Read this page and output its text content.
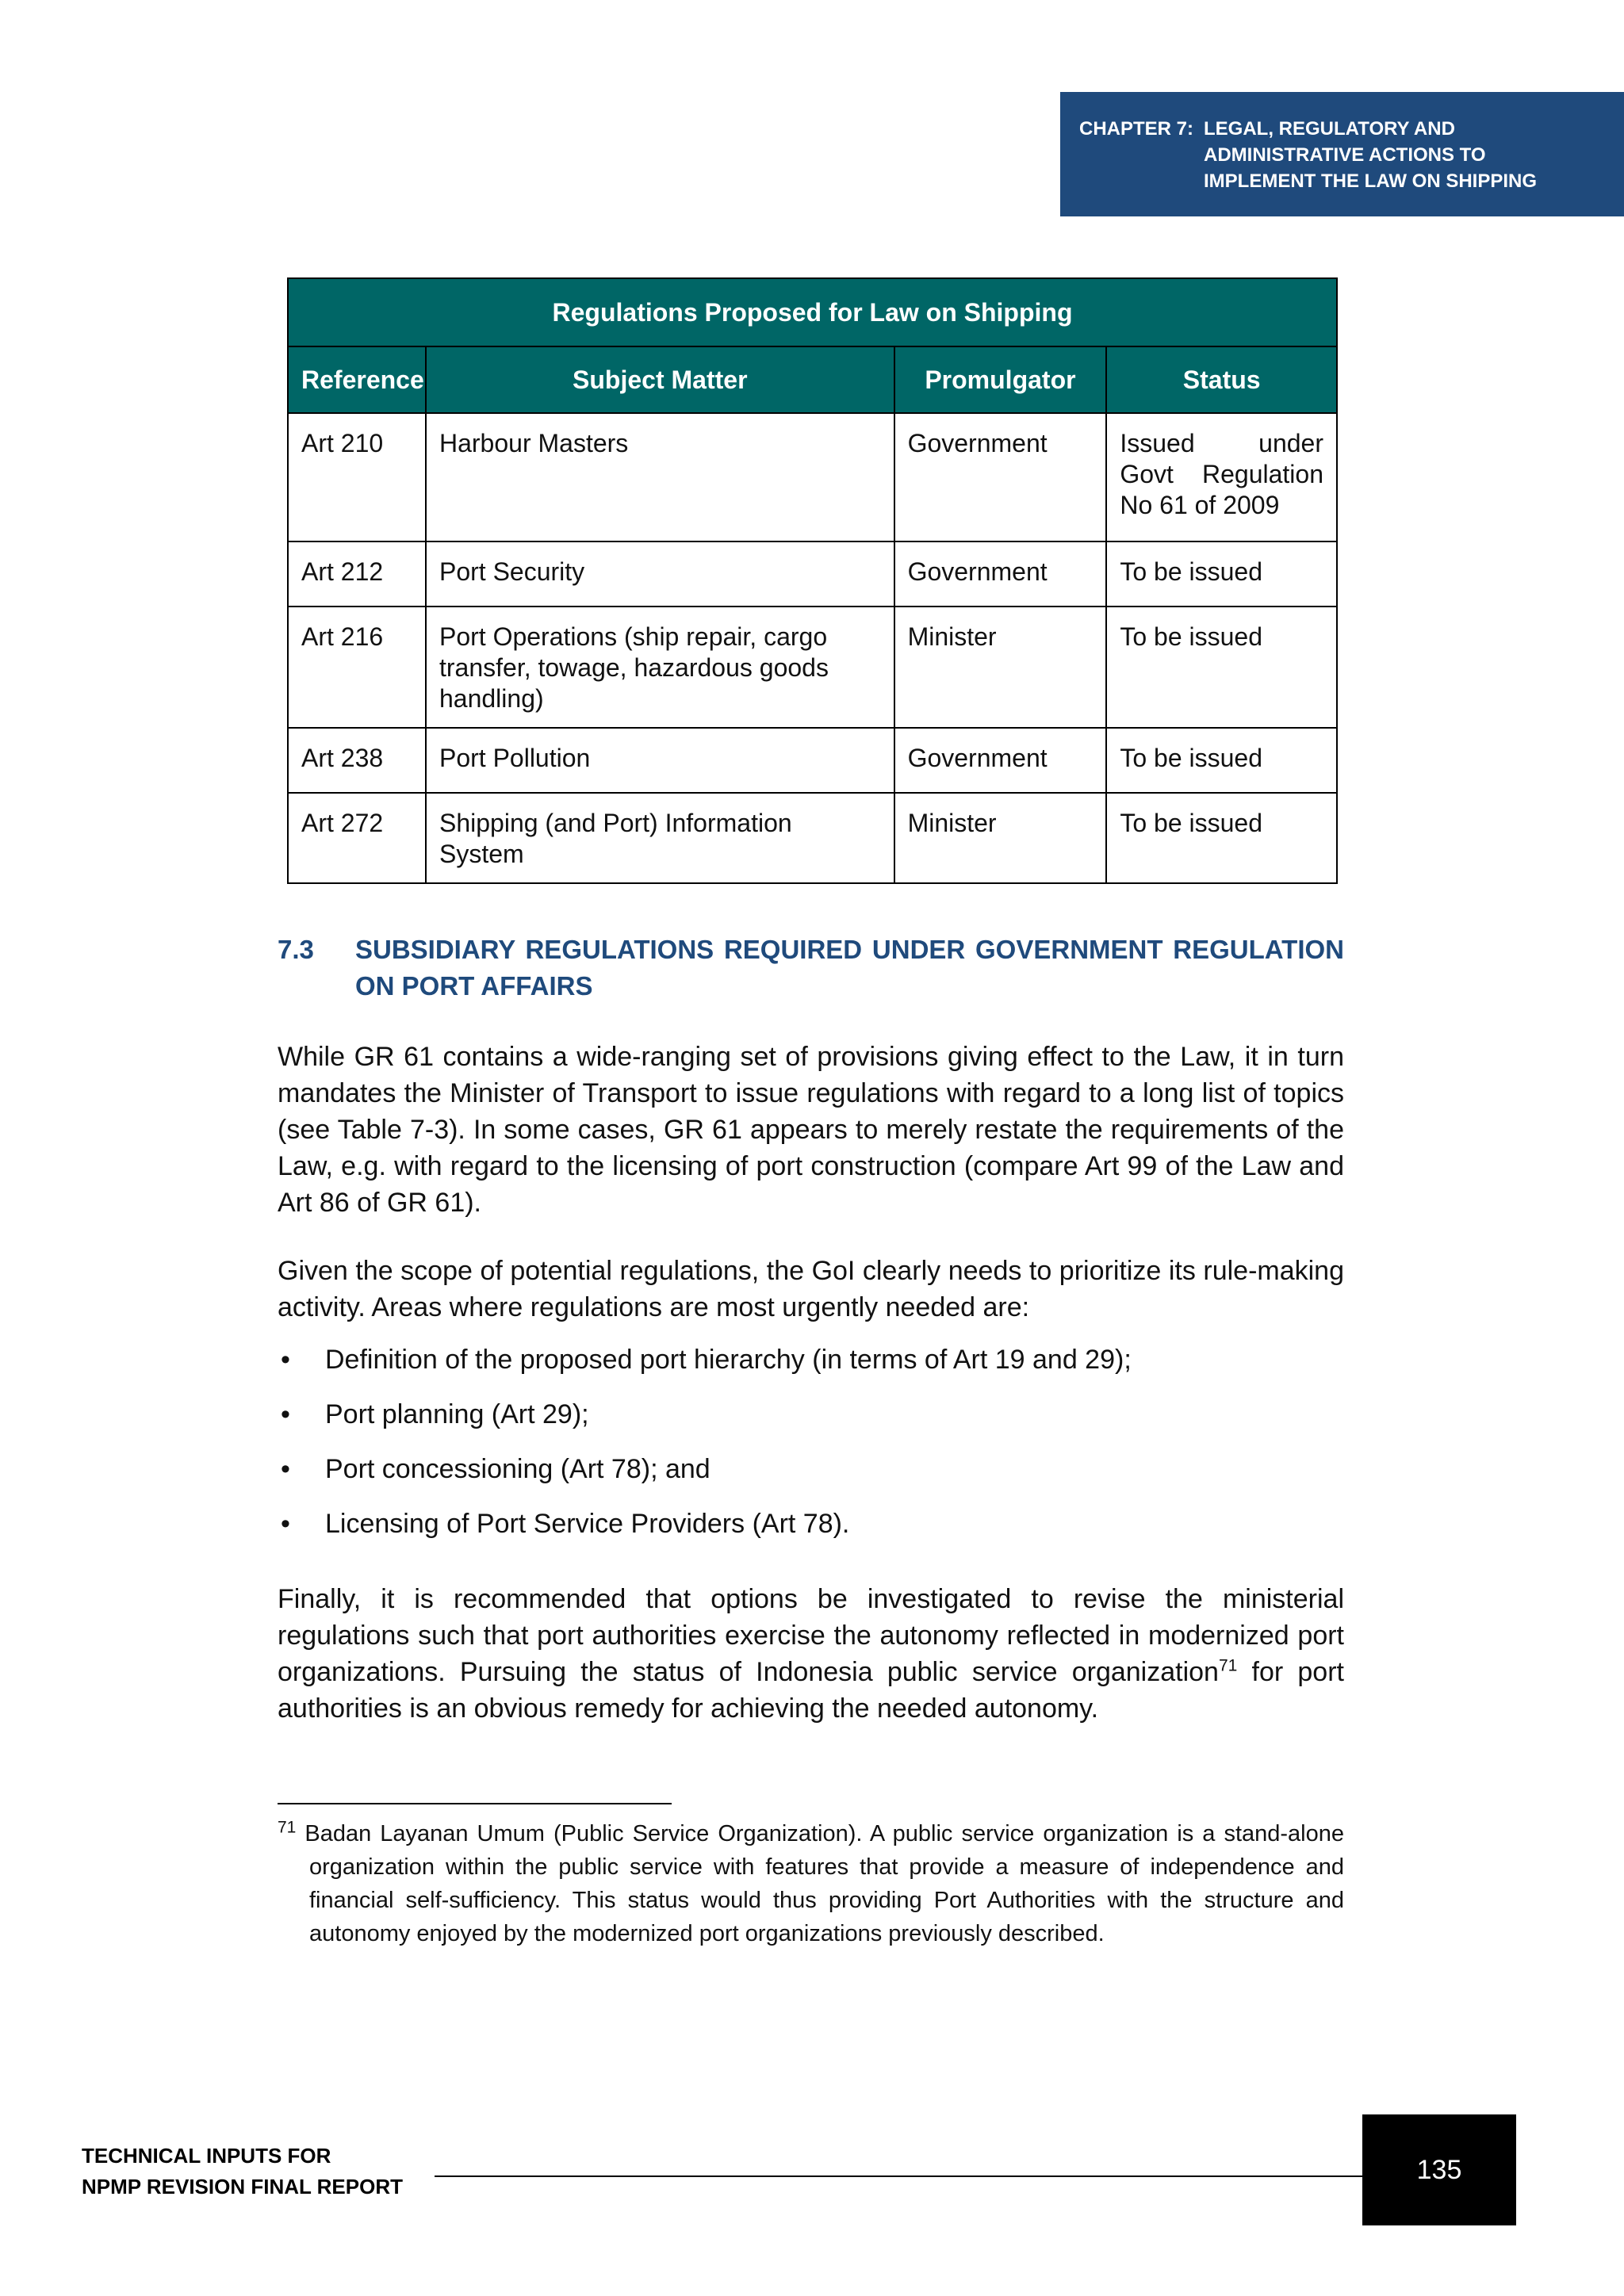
CHAPTER 7: LEGAL, REGULATORY AND
ADMINISTRATIVE ACTIONS TO
IMPLEMENT THE LAW ON SHIPPING
Regulations Proposed for Law on Shipping			
Reference	Subject Matter	Promulgator	Status
Art 210	Harbour Masters	Government	Issued under Govt Regulation No 61 of 2009
Art 212	Port Security	Government	To be issued
Art 216	Port Operations (ship repair, cargo transfer, towage, hazardous goods handling)	Minister	To be issued
Art 238	Port Pollution	Government	To be issued
Art 272	Shipping (and Port) Information System	Minister	To be issued
7.3 SUBSIDIARY REGULATIONS REQUIRED UNDER GOVERNMENT REGULATION ON PORT AFFAIRS

While GR 61 contains a wide-ranging set of provisions giving effect to the Law, it in turn mandates the Minister of Transport to issue regulations with regard to a long list of topics (see Table 7-3). In some cases, GR 61 appears to merely restate the requirements of the Law, e.g. with regard to the licensing of port construction (compare Art 99 of the Law and Art 86 of GR 61).

Given the scope of potential regulations, the GoI clearly needs to prioritize its rule-making activity. Areas where regulations are most urgently needed are:

• Definition of the proposed port hierarchy (in terms of Art 19 and 29);
• Port planning (Art 29);
• Port concessioning (Art 78); and
• Licensing of Port Service Providers (Art 78).

Finally, it is recommended that options be investigated to revise the ministerial regulations such that port authorities exercise the autonomy reflected in modernized port organizations. Pursuing the status of Indonesia public service organization$^{71}$ for port authorities is an obvious remedy for achieving the needed autonomy.

$^{71}$ Badan Layanan Umum (Public Service Organization). A public service organization is a stand-alone organization within the public service with features that provide a measure of independence and financial self-sufficiency. This status would thus providing Port Authorities with the structure and autonomy enjoyed by the modernized port organizations previously described.
TECHNICAL INPUTS FOR
NPMP REVISION FINAL REPORT
135
